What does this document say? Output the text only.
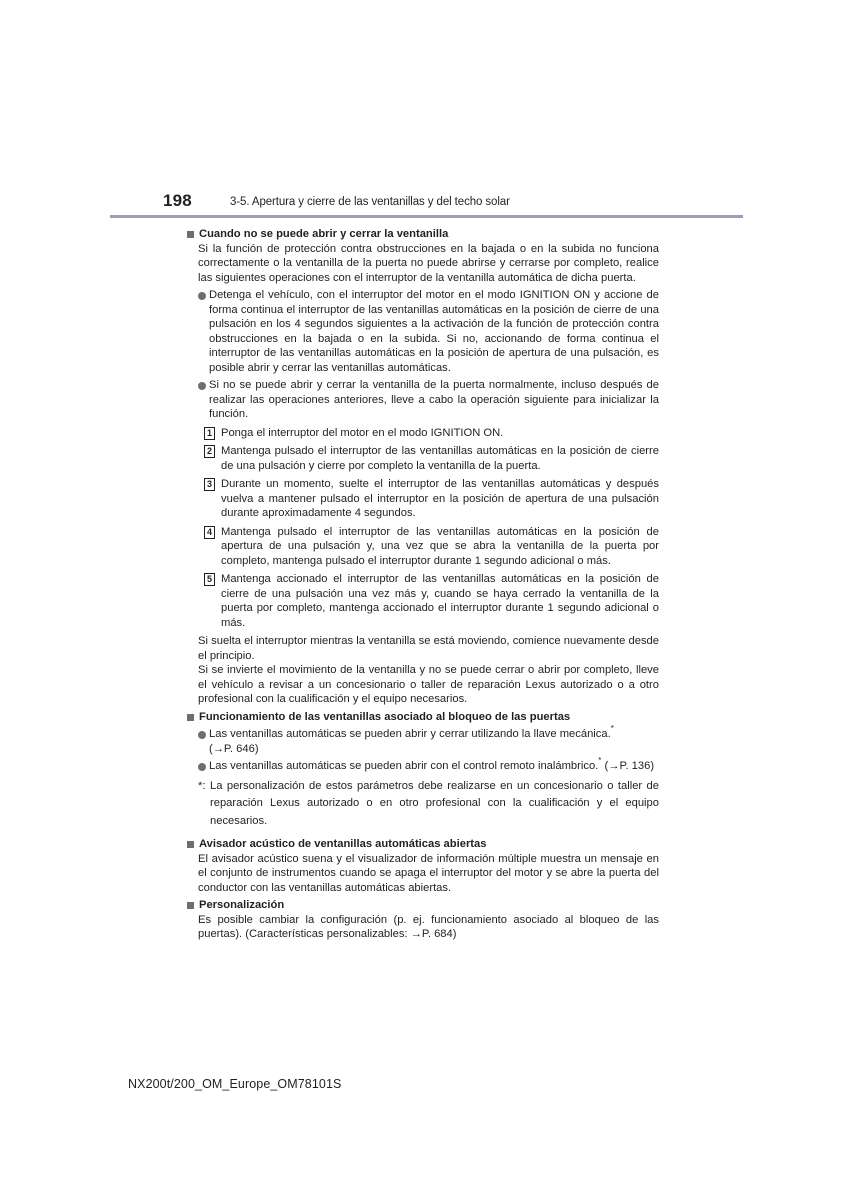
198	3-5. Apertura y cierre de las ventanillas y del techo solar
Cuando no se puede abrir y cerrar la ventanilla

Si la función de protección contra obstrucciones en la bajada o en la subida no funciona correctamente o la ventanilla de la puerta no puede abrirse y cerrarse por completo, realice las siguientes operaciones con el interruptor de la ventanilla automática de dicha puerta.

Detenga el vehículo, con el interruptor del motor en el modo IGNITION ON y accione de forma continua el interruptor de las ventanillas automáticas en la posición de cierre de una pulsación en los 4 segundos siguientes a la activación de la función de protección contra obstrucciones en la bajada o en la subida. Si no, accionando de forma continua el interruptor de las ventanillas automáticas en la posición de apertura de una pulsación, es posible abrir y cerrar las ventanillas automáticas.
Si no se puede abrir y cerrar la ventanilla de la puerta normalmente, incluso después de realizar las operaciones anteriores, lleve a cabo la operación siguiente para inicializar la función.
1 Ponga el interruptor del motor en el modo IGNITION ON.
2 Mantenga pulsado el interruptor de las ventanillas automáticas en la posición de cierre de una pulsación y cierre por completo la ventanilla de la puerta.
3 Durante un momento, suelte el interruptor de las ventanillas automáticas y después vuelva a mantener pulsado el interruptor en la posición de apertura de una pulsación durante aproximadamente 4 segundos.
4 Mantenga pulsado el interruptor de las ventanillas automáticas en la posición de apertura de una pulsación y, una vez que se abra la ventanilla de la puerta por completo, mantenga pulsado el interruptor durante 1 segundo adicional o más.
5 Mantenga accionado el interruptor de las ventanillas automáticas en la posición de cierre de una pulsación una vez más y, cuando se haya cerrado la ventanilla de la puerta por completo, mantenga accionado el interruptor durante 1 segundo adicional o más.

Si suelta el interruptor mientras la ventanilla se está moviendo, comience nuevamente desde el principio.

Si se invierte el movimiento de la ventanilla y no se puede cerrar o abrir por completo, lleve el vehículo a revisar a un concesionario o taller de reparación Lexus autorizado o a otro profesional con la cualificación y el equipo necesarios.

Funcionamiento de las ventanillas asociado al bloqueo de las puertas
Las ventanillas automáticas se pueden abrir y cerrar utilizando la llave mecánica.*
(→P. 646)
Las ventanillas automáticas se pueden abrir con el control remoto inalámbrico.* (→P. 136)
*: La personalización de estos parámetros debe realizarse en un concesionario o taller de reparación Lexus autorizado o en otro profesional con la cualificación y el equipo necesarios.
Avisador acústico de ventanillas automáticas abiertas

El avisador acústico suena y el visualizador de información múltiple muestra un mensaje en el conjunto de instrumentos cuando se apaga el interruptor del motor y se abre la puerta del conductor con las ventanillas automáticas abiertas.

Personalización

Es posible cambiar la configuración (p. ej. funcionamiento asociado al bloqueo de las puertas). (Características personalizables: →P. 684)

NX200t/200_OM_Europe_OM78101S
